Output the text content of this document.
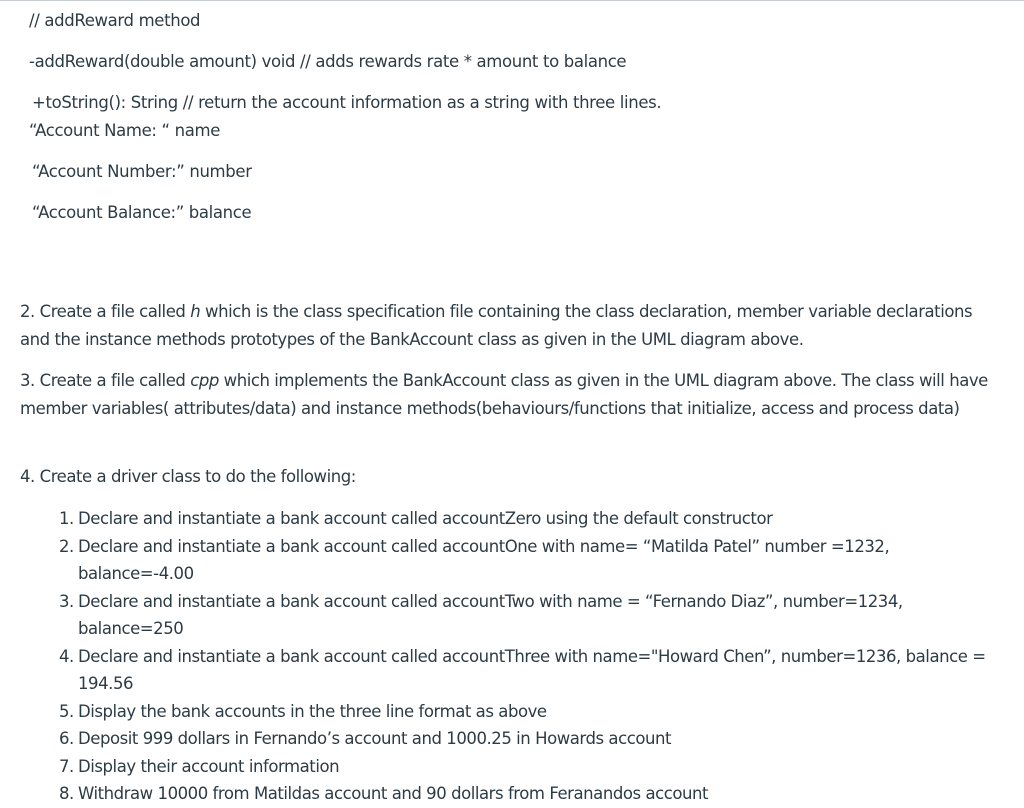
// addReward method
-addReward(double amount) void // adds rewards rate * amount to balance
+toString(): String // return the account information as a string with three lines.
“Account Name: “ name
“Account Number:” number
“Account Balance:” balance
2. Create a file called h which is the class specification file containing the class declaration, member variable declarations and the instance methods prototypes of the BankAccount class as given in the UML diagram above.
3. Create a file called cpp which implements the BankAccount class as given in the UML diagram above. The class will have member variables( attributes/data) and instance methods(behaviours/functions that initialize, access and process data)
4. Create a driver class to do the following:
1. Declare and instantiate a bank account called accountZero using the default constructor
2. Declare and instantiate a bank account called accountOne with name= “Matilda Patel” number =1232, balance=-4.00
3. Declare and instantiate a bank account called accountTwo with name = “Fernando Diaz”, number=1234, balance=250
4. Declare and instantiate a bank account called accountThree with name="Howard Chen”, number=1236, balance = 194.56
5. Display the bank accounts in the three line format as above
6. Deposit 999 dollars in Fernando’s account and 1000.25 in Howards account
7. Display their account information
8. Withdraw 10000 from Matildas account and 90 dollars from Feranandos account
